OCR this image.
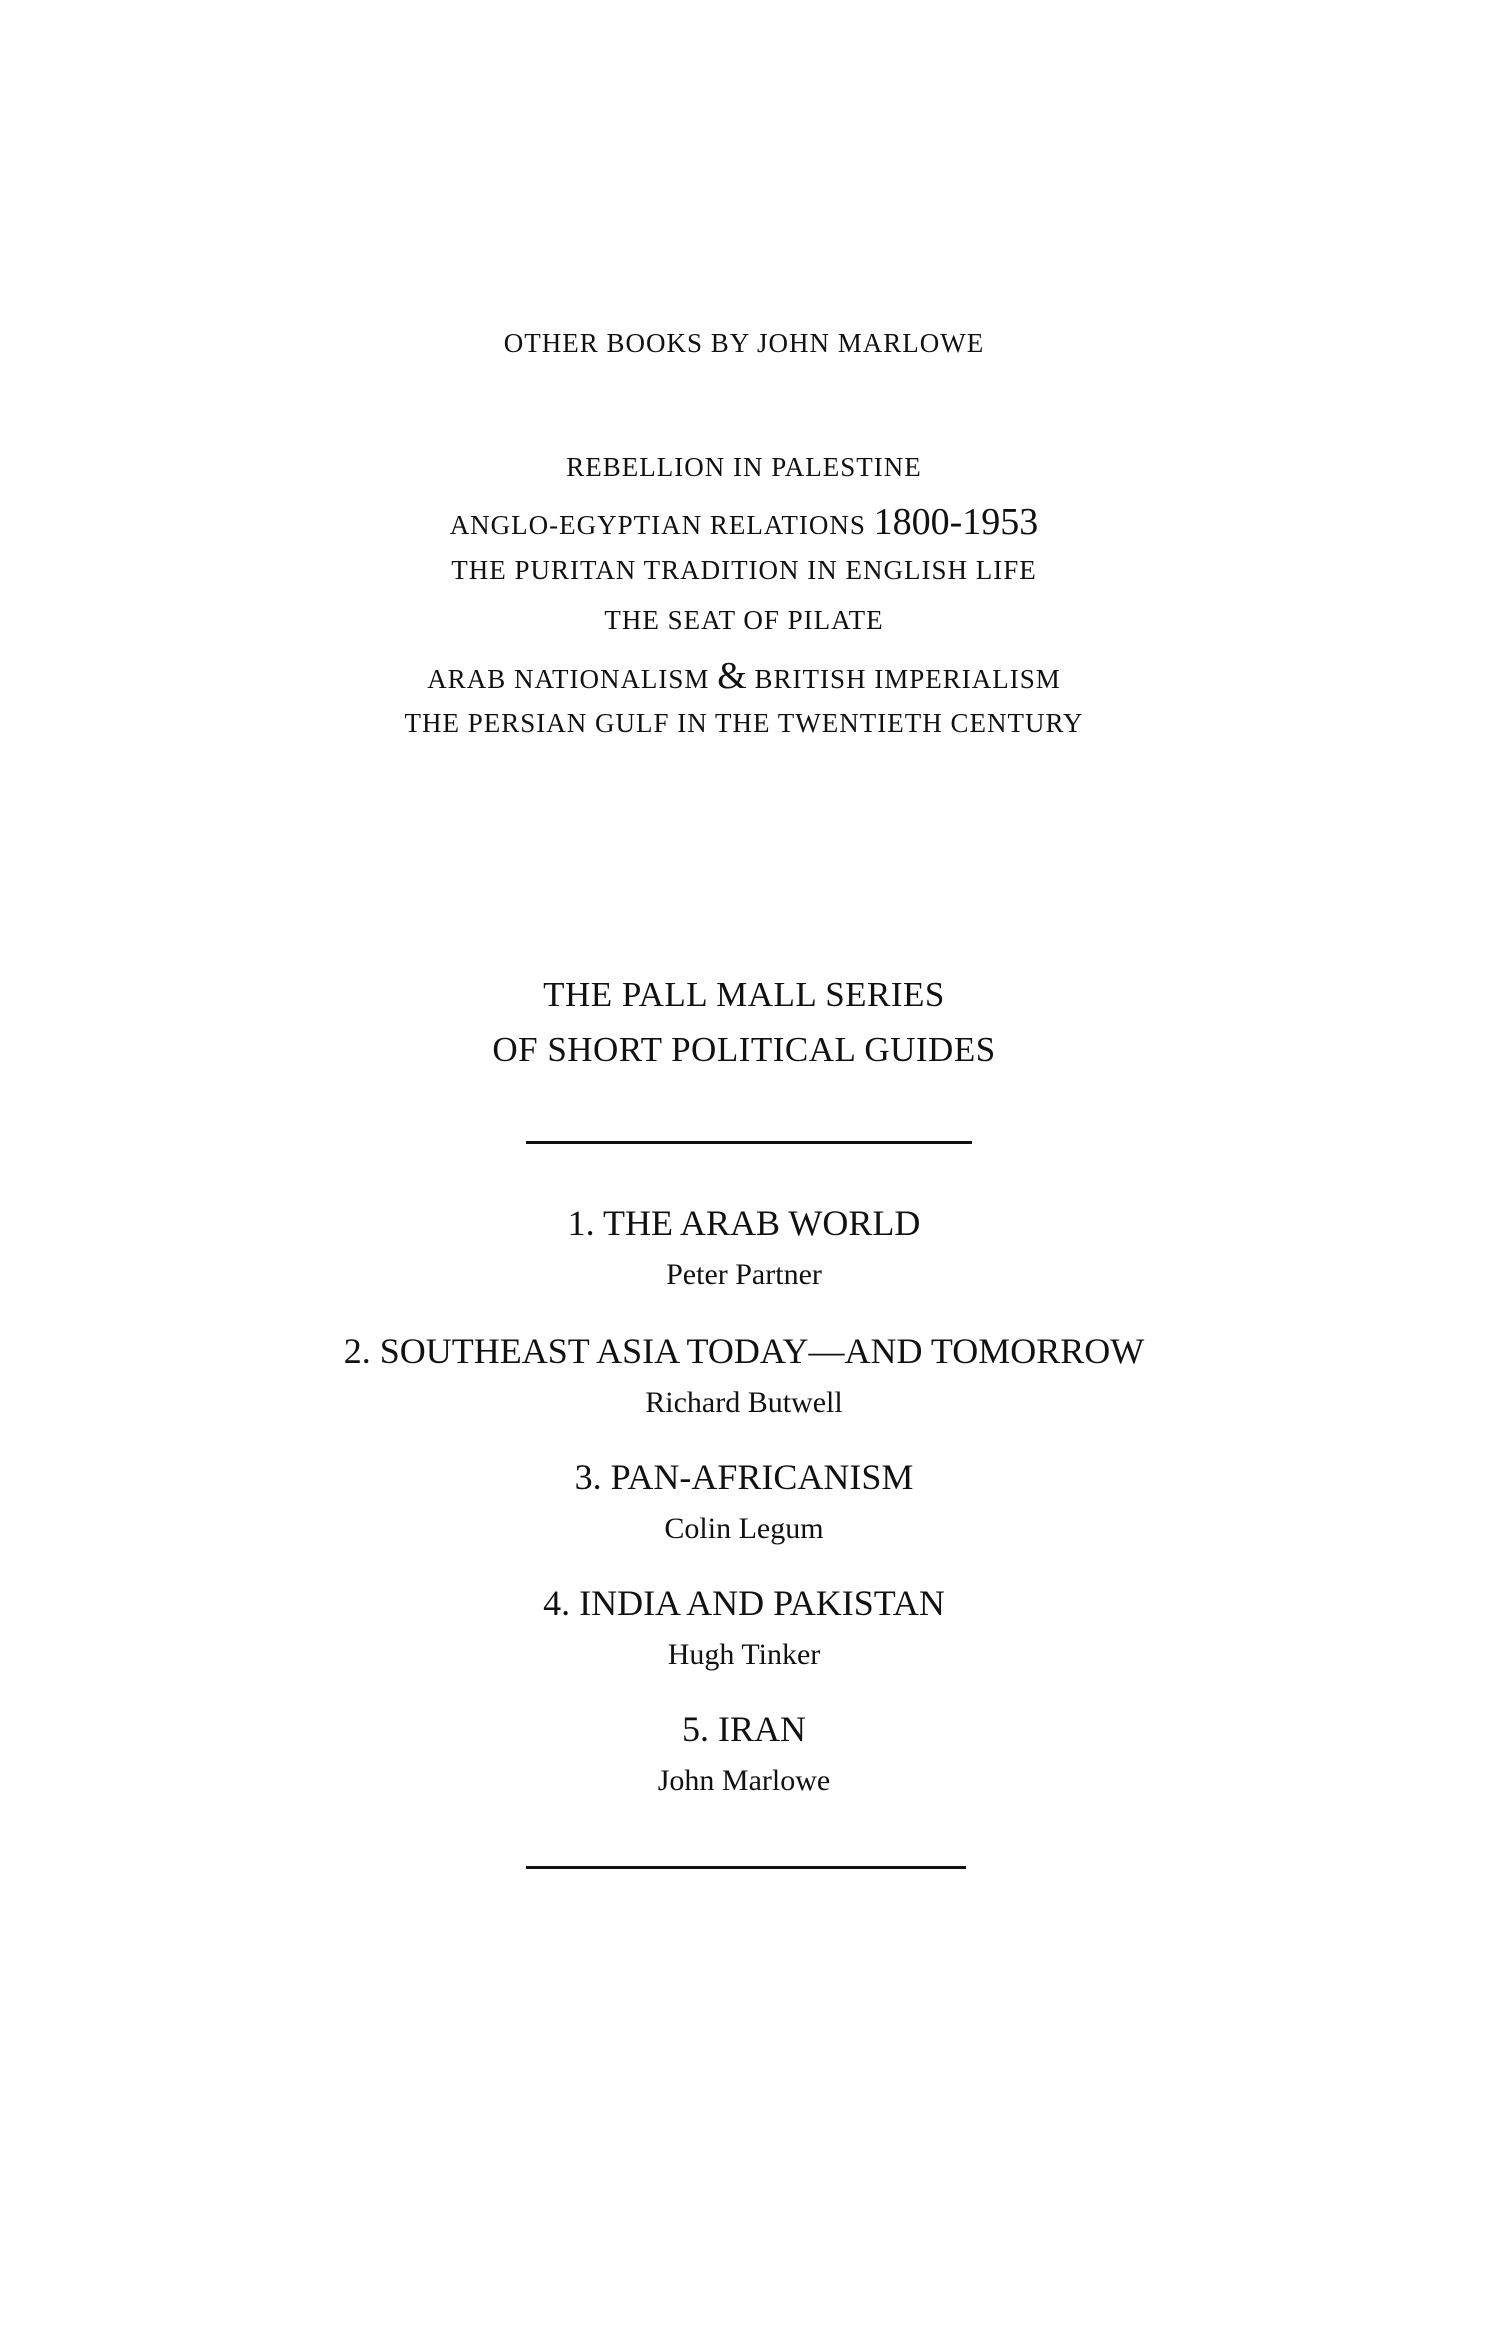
OTHER BOOKS BY JOHN MARLOWE
REBELLION IN PALESTINE
ANGLO-EGYPTIAN RELATIONS 1800-1953
THE PURITAN TRADITION IN ENGLISH LIFE
THE SEAT OF PILATE
ARAB NATIONALISM & BRITISH IMPERIALISM
THE PERSIAN GULF IN THE TWENTIETH CENTURY
THE PALL MALL SERIES
OF SHORT POLITICAL GUIDES
1. THE ARAB WORLD
Peter Partner
2. SOUTHEAST ASIA TODAY—AND TOMORROW
Richard Butwell
3. PAN-AFRICANISM
Colin Legum
4. INDIA AND PAKISTAN
Hugh Tinker
5. IRAN
John Marlowe
